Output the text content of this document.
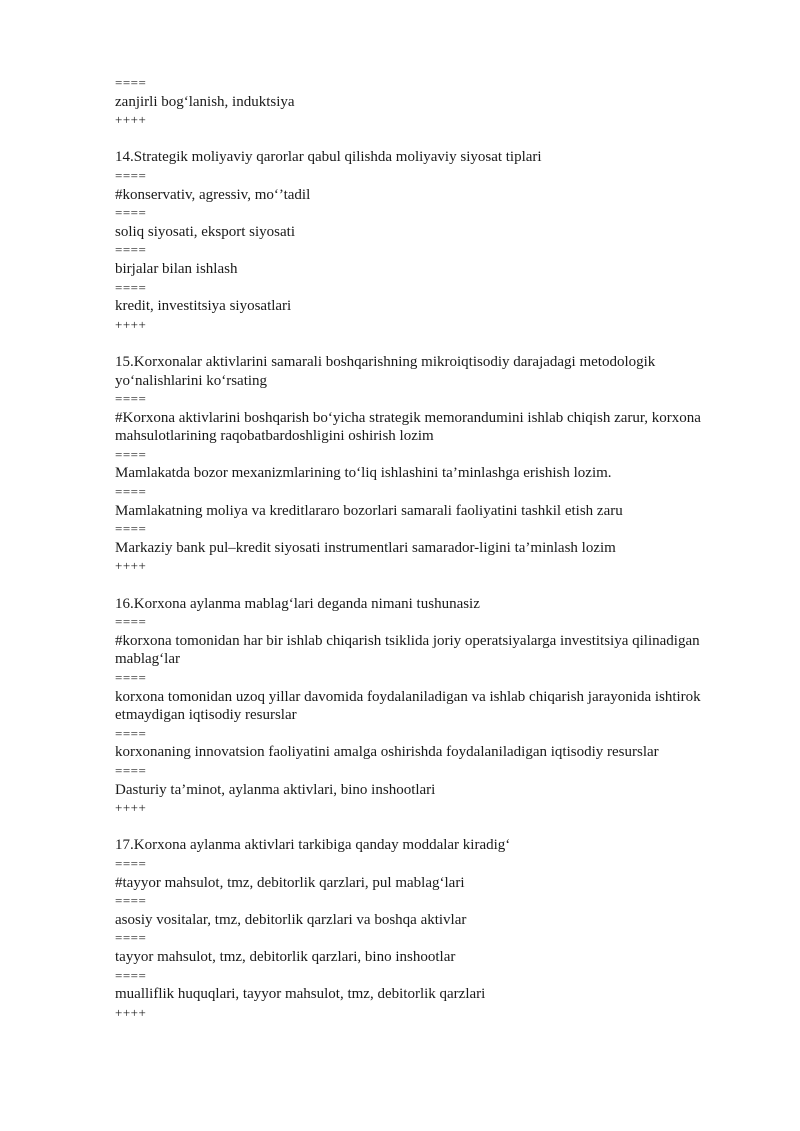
====
zanjirli bog‘lanish, induktsiya
++++
14.Strategik moliyaviy qarorlar qabul qilishda moliyaviy siyosat tiplari
====
#konservativ, agressiv, mo‘’tadil
====
soliq siyosati, eksport siyosati
====
birjalar bilan ishlash
====
kredit, investitsiya siyosatlari
++++
15.Korxonalar aktivlarini samarali boshqarishning mikroiqtisodiy darajadagi metodologik yo‘nalishlarini ko‘rsating
====
#Korxona aktivlarini boshqarish bo‘yicha strategik memorandumini ishlab chiqish zarur, korxona mahsulotlarining raqobatbardoshligini oshirish lozim
====
Mamlakatda bozor mexanizmlarining to‘liq ishlashini ta’minlashga erishish lozim.
====
Mamlakatning moliya va kreditlararo bozorlari samarali faoliyatini tashkil etish zaru
====
Markaziy bank pul–kredit siyosati instrumentlari samarador-ligini ta’minlash lozim
++++
16.Korxona aylanma mablag‘lari deganda nimani tushunasiz
====
#korxona tomonidan har bir ishlab chiqarish tsiklida joriy operatsiyalarga investitsiya qilinadigan mablag‘lar
====
korxona tomonidan uzoq yillar davomida foydalaniladigan va ishlab chiqarish jarayonida ishtirok etmaydigan iqtisodiy resurslar
====
korxonaning innovatsion faoliyatini amalga oshirishda foydalaniladigan iqtisodiy resurslar
====
Dasturiy ta’minot, aylanma aktivlari, bino inshootlari
++++
17.Korxona aylanma aktivlari tarkibiga qanday moddalar kiradig‘
====
#tayyor mahsulot, tmz, debitorlik qarzlari, pul mablag‘lari
====
asosiy vositalar, tmz, debitorlik qarzlari va boshqa aktivlar
====
tayyor mahsulot, tmz, debitorlik qarzlari, bino inshootlar
====
mualliflik huquqlari, tayyor mahsulot, tmz, debitorlik qarzlari
++++
